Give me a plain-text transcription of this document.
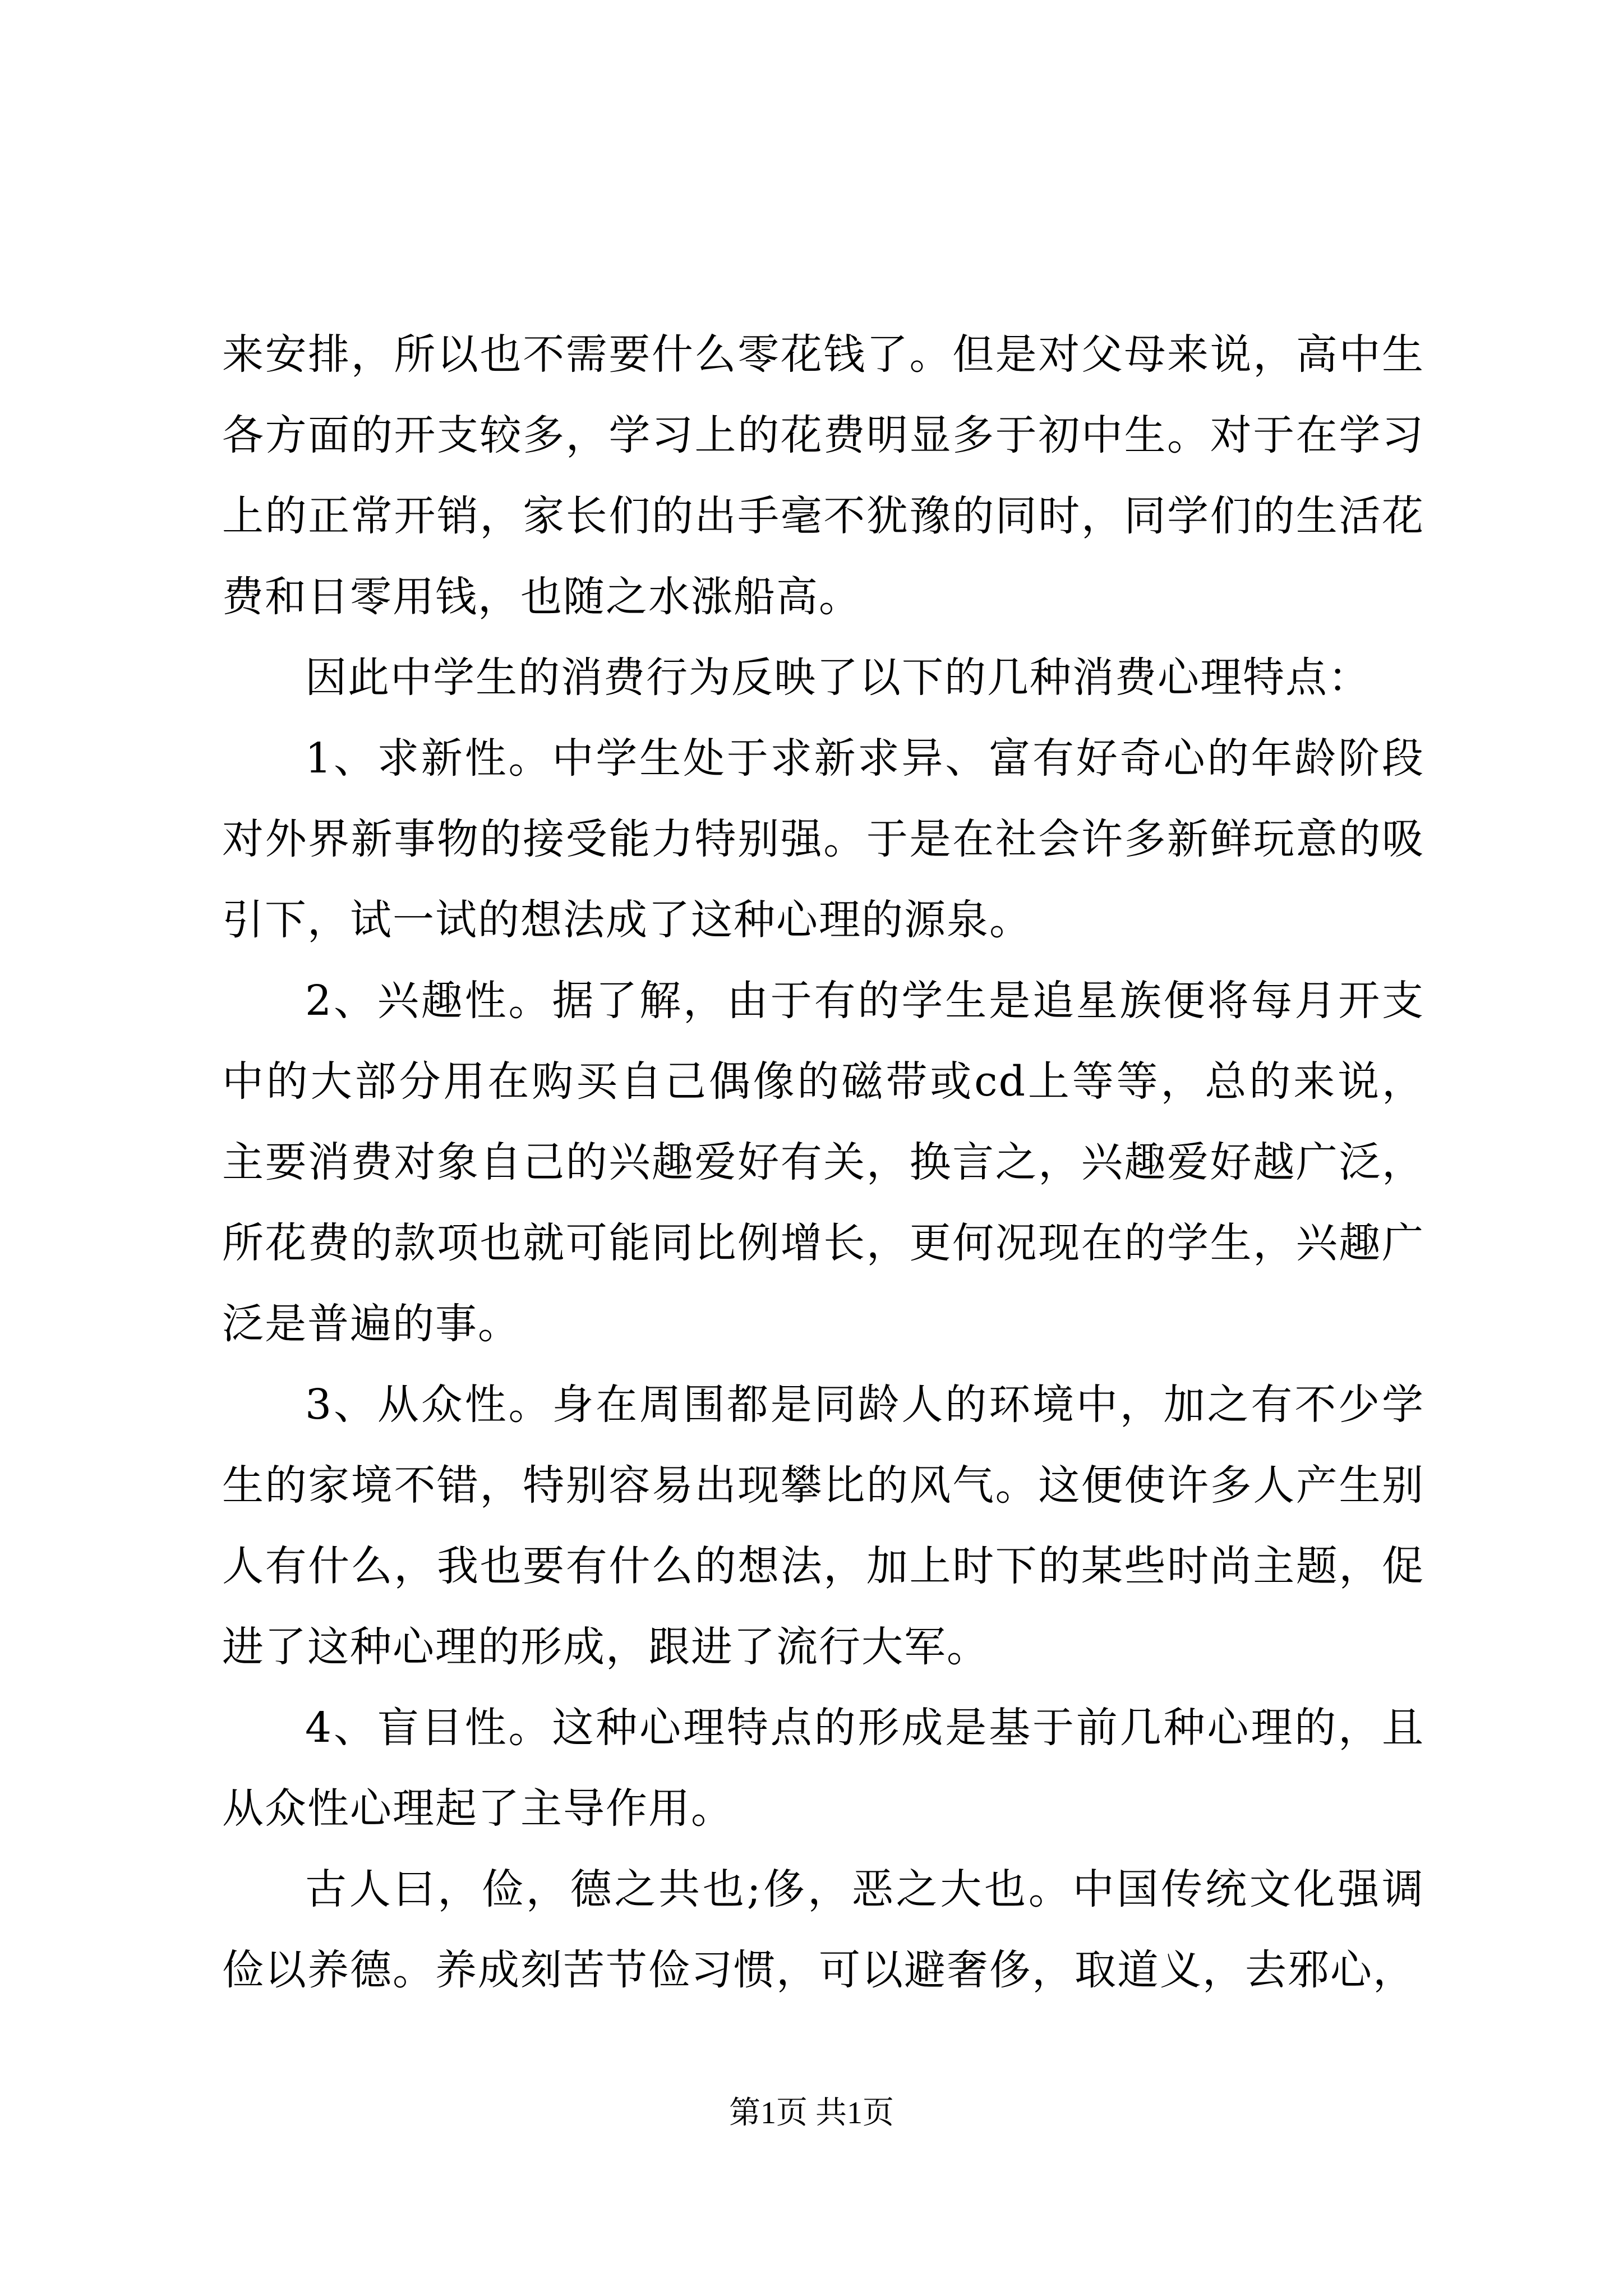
来安排，所以也不需要什么零花钱了。但是对父母来说，高中生各方面的开支较多，学习上的花费明显多于初中生。对于在学习上的正常开销，家长们的出手毫不犹豫的同时，同学们的生活花费和日零用钱，也随之水涨船高。

因此中学生的消费行为反映了以下的几种消费心理特点：

1、求新性。中学生处于求新求异、富有好奇心的年龄阶段对外界新事物的接受能力特别强。于是在社会许多新鲜玩意的吸引下，试一试的想法成了这种心理的源泉。

2、兴趣性。据了解，由于有的学生是追星族便将每月开支中的大部分用在购买自己偶像的磁带或cd上等等，总的来说，主要消费对象自己的兴趣爱好有关，换言之，兴趣爱好越广泛，所花费的款项也就可能同比例增长，更何况现在的学生，兴趣广泛是普遍的事。

3、从众性。身在周围都是同龄人的环境中，加之有不少学生的家境不错，特别容易出现攀比的风气。这便使许多人产生别人有什么，我也要有什么的想法，加上时下的某些时尚主题，促进了这种心理的形成，跟进了流行大军。

4、盲目性。这种心理特点的形成是基于前几种心理的，且从众性心理起了主导作用。

古人曰，俭，德之共也;侈，恶之大也。中国传统文化强调俭以养德。养成刻苦节俭习惯，可以避奢侈，取道义，去邪心，

第1页 共1页
